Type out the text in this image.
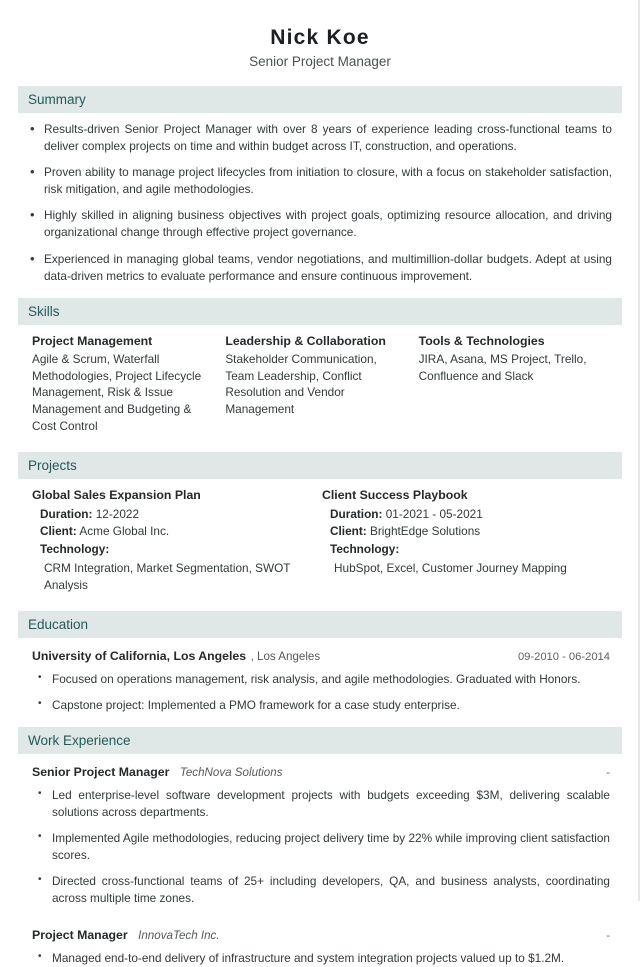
Nick Koe
Senior Project Manager
Summary
• Results-driven Senior Project Manager with over 8 years of experience leading cross-functional teams to deliver complex projects on time and within budget across IT, construction, and operations.
• Proven ability to manage project lifecycles from initiation to closure, with a focus on stakeholder satisfaction, risk mitigation, and agile methodologies.
• Highly skilled in aligning business objectives with project goals, optimizing resource allocation, and driving organizational change through effective project governance.
• Experienced in managing global teams, vendor negotiations, and multimillion-dollar budgets. Adept at using data-driven metrics to evaluate performance and ensure continuous improvement.
Skills
Project Management
Agile & Scrum, Waterfall Methodologies, Project Lifecycle Management, Risk & Issue Management and Budgeting & Cost Control
Leadership & Collaboration
Stakeholder Communication, Team Leadership, Conflict Resolution and Vendor Management
Tools & Technologies
JIRA, Asana, MS Project, Trello, Confluence and Slack
Projects
Global Sales Expansion Plan
Duration: 12-2022
Client: Acme Global Inc.
Technology:
CRM Integration, Market Segmentation, SWOT Analysis
Client Success Playbook
Duration: 01-2021 - 05-2021
Client: BrightEdge Solutions
Technology:
HubSpot, Excel, Customer Journey Mapping
Education
University of California, Los Angeles , Los Angeles	09-2010 - 06-2014
• Focused on operations management, risk analysis, and agile methodologies. Graduated with Honors.
• Capstone project: Implemented a PMO framework for a case study enterprise.
Work Experience
Senior Project Manager TechNova Solutions	-
• Led enterprise-level software development projects with budgets exceeding $3M, delivering scalable solutions across departments.
• Implemented Agile methodologies, reducing project delivery time by 22% while improving client satisfaction scores.
• Directed cross-functional teams of 25+ including developers, QA, and business analysts, coordinating across multiple time zones.
Project Manager InnovaTech Inc.	-
• Managed end-to-end delivery of infrastructure and system integration projects valued up to $1.2M.
